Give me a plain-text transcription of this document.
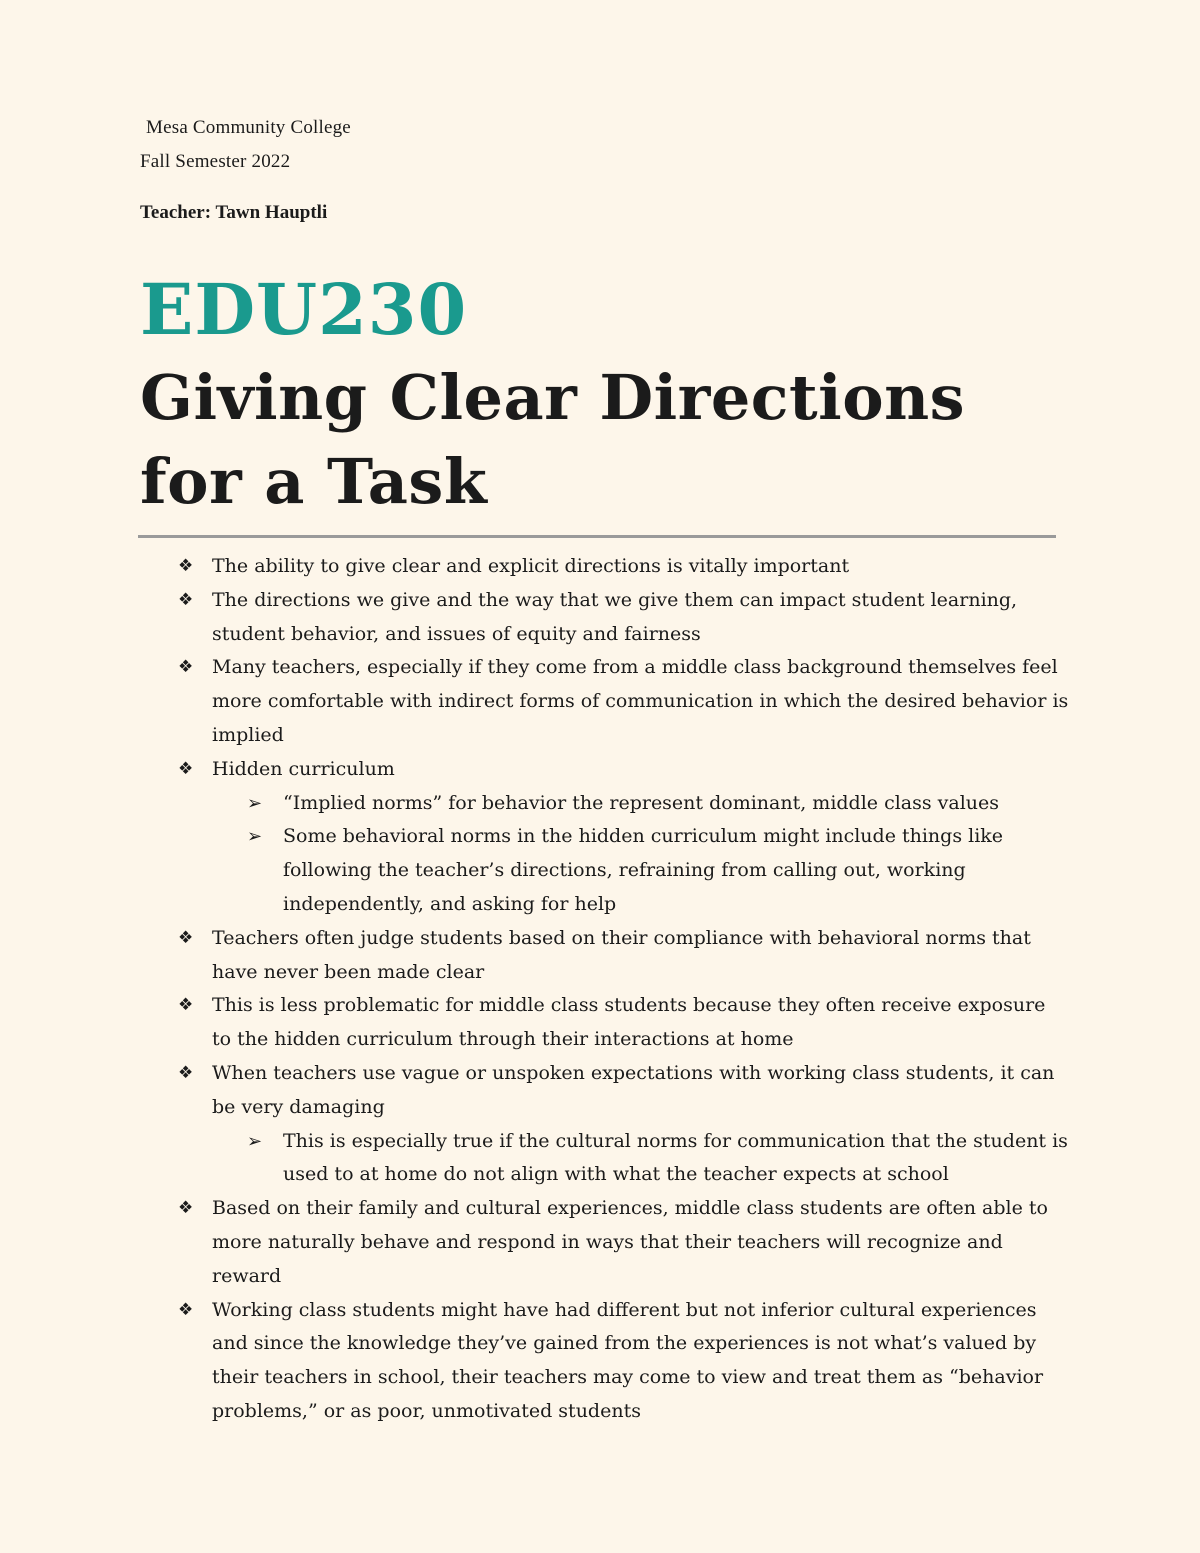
Mesa Community College
Fall Semester 2022
Teacher: Tawn Hauptli
EDU230
Giving Clear Directions for a Task
❖ The ability to give clear and explicit directions is vitally important
❖ The directions we give and the way that we give them can impact student learning, student behavior, and issues of equity and fairness
❖ Many teachers, especially if they come from a middle class background themselves feel more comfortable with indirect forms of communication in which the desired behavior is implied
❖ Hidden curriculum
➢ “Implied norms” for behavior the represent dominant, middle class values
➢ Some behavioral norms in the hidden curriculum might include things like following the teacher’s directions, refraining from calling out, working independently, and asking for help
❖ Teachers often judge students based on their compliance with behavioral norms that have never been made clear
❖ This is less problematic for middle class students because they often receive exposure to the hidden curriculum through their interactions at home
❖ When teachers use vague or unspoken expectations with working class students, it can be very damaging
➢ This is especially true if the cultural norms for communication that the student is used to at home do not align with what the teacher expects at school
❖ Based on their family and cultural experiences, middle class students are often able to more naturally behave and respond in ways that their teachers will recognize and reward
❖ Working class students might have had different but not inferior cultural experiences and since the knowledge they’ve gained from the experiences is not what’s valued by their teachers in school, their teachers may come to view and treat them as “behavior problems,” or as poor, unmotivated students
